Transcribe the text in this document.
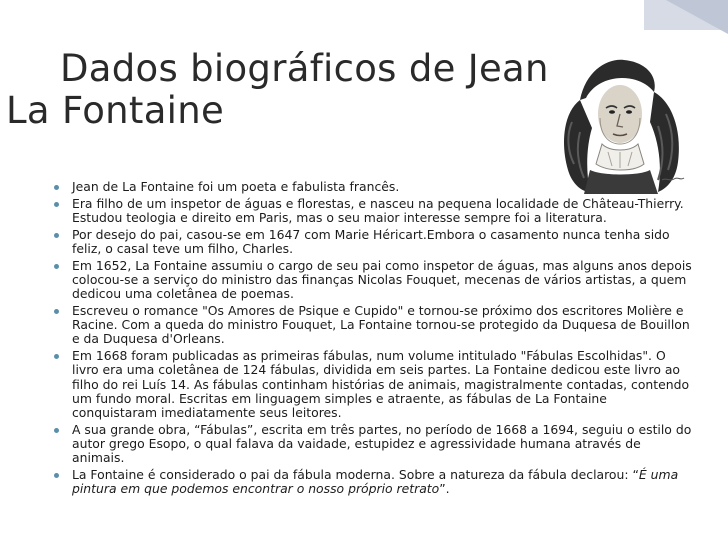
Dados biográficos de Jean
La Fontaine
Jean de La Fontaine foi um poeta e fabulista francês.
Era filho de um inspetor de águas e florestas, e nasceu na pequena localidade de Château-Thierry. Estudou teologia e direito em Paris, mas o seu maior interesse sempre foi a literatura.
Por desejo do pai, casou-se em 1647 com Marie Héricart.Embora o casamento nunca tenha sido feliz, o casal teve um filho, Charles.
Em 1652, La Fontaine assumiu o cargo de seu pai como inspetor de águas, mas alguns anos depois colocou-se a serviço do ministro das finanças Nicolas Fouquet, mecenas de vários artistas, a quem dedicou uma coletânea de poemas.
Escreveu o romance "Os Amores de Psique e Cupido" e tornou-se próximo dos escritores Molière e Racine. Com a queda do ministro Fouquet, La Fontaine tornou-se protegido da Duquesa de Bouillon e da Duquesa d'Orleans.
Em 1668 foram publicadas as primeiras fábulas, num volume intitulado "Fábulas Escolhidas". O livro era uma coletânea de 124 fábulas, dividida em seis partes. La Fontaine dedicou este livro ao filho do rei Luís 14. As fábulas continham histórias de animais, magistralmente contadas, contendo um fundo moral. Escritas em linguagem simples e atraente, as fábulas de La Fontaine conquistaram imediatamente seus leitores.
A sua grande obra, “Fábulas”, escrita em três partes, no período de 1668 a 1694, seguiu o estilo do autor grego Esopo, o qual falava da vaidade, estupidez e agressividade humana através de animais.
La Fontaine é considerado o pai da fábula moderna. Sobre a natureza da fábula declarou: “É uma pintura em que podemos encontrar o nosso próprio retrato”.
